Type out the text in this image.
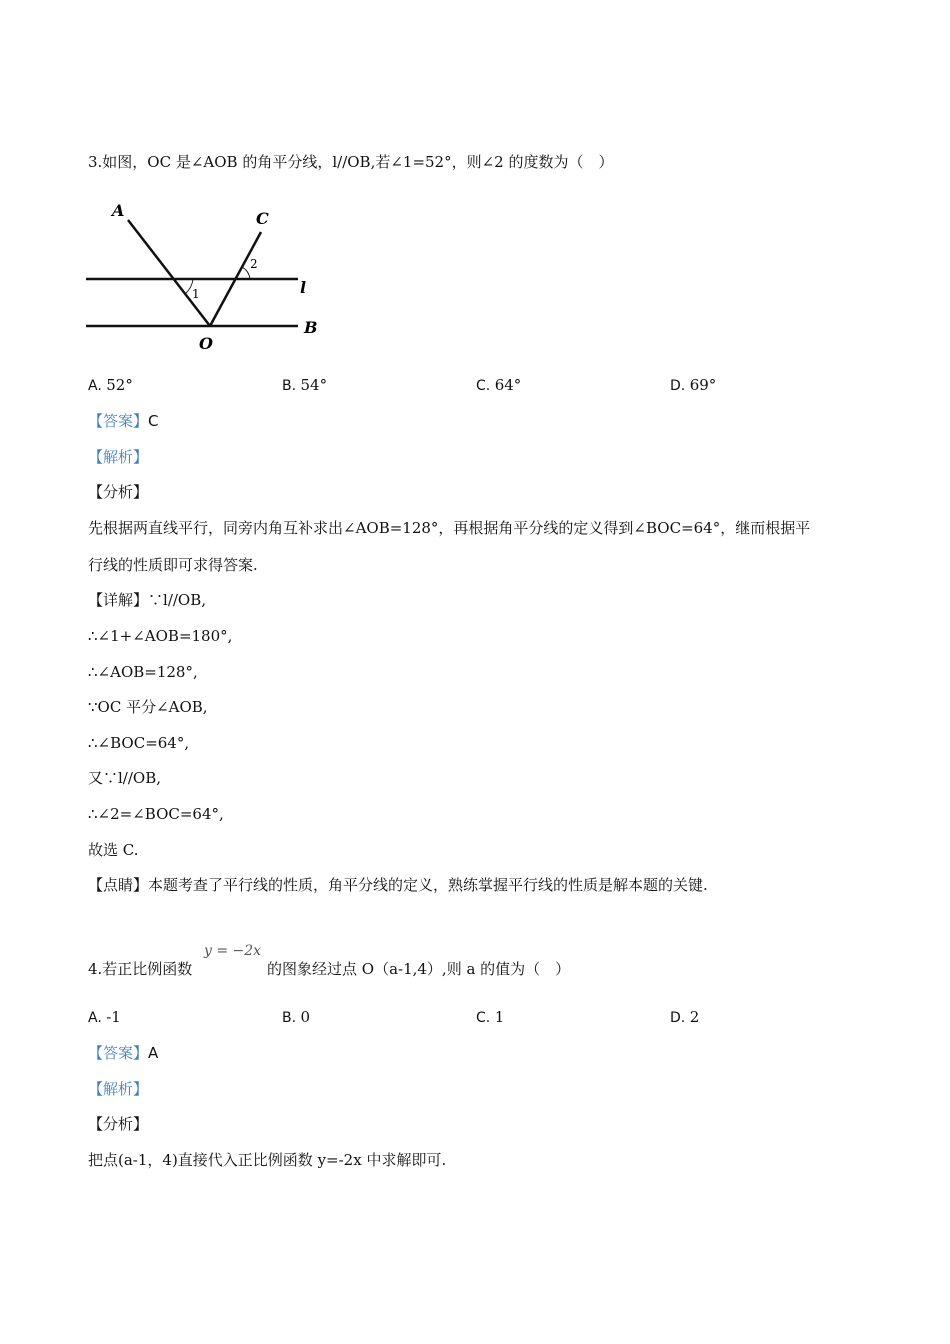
3.如图，OC 是∠AOB 的角平分线，l//OB,若∠1=52°，则∠2 的度数为（　）
A	C
2
1	l
B
O
A. 52°	B. 54°	C. 64°	D. 69°
【答案】C
【解析】
【分析】
先根据两直线平行，同旁内角互补求出∠AOB=128°，再根据角平分线的定义得到∠BOC=64°，继而根据平
行线的性质即可求得答案.
【详解】∵l//OB,
∴∠1+∠AOB=180°,
∴∠AOB=128°,
∵OC 平分∠AOB,
∴∠BOC=64°,
又∵l//OB,
∴∠2=∠BOC=64°,
故选 C.
【点睛】本题考查了平行线的性质，角平分线的定义，熟练掌握平行线的性质是解本题的关键.
4.若正比例函数
y = −2x
的图象经过点 O（a-1,4）,则 a 的值为（　）
A. -1	B. 0	C. 1	D. 2
【答案】A
【解析】
【分析】
把点(a-1，4)直接代入正比例函数 y=-2x 中求解即可.
